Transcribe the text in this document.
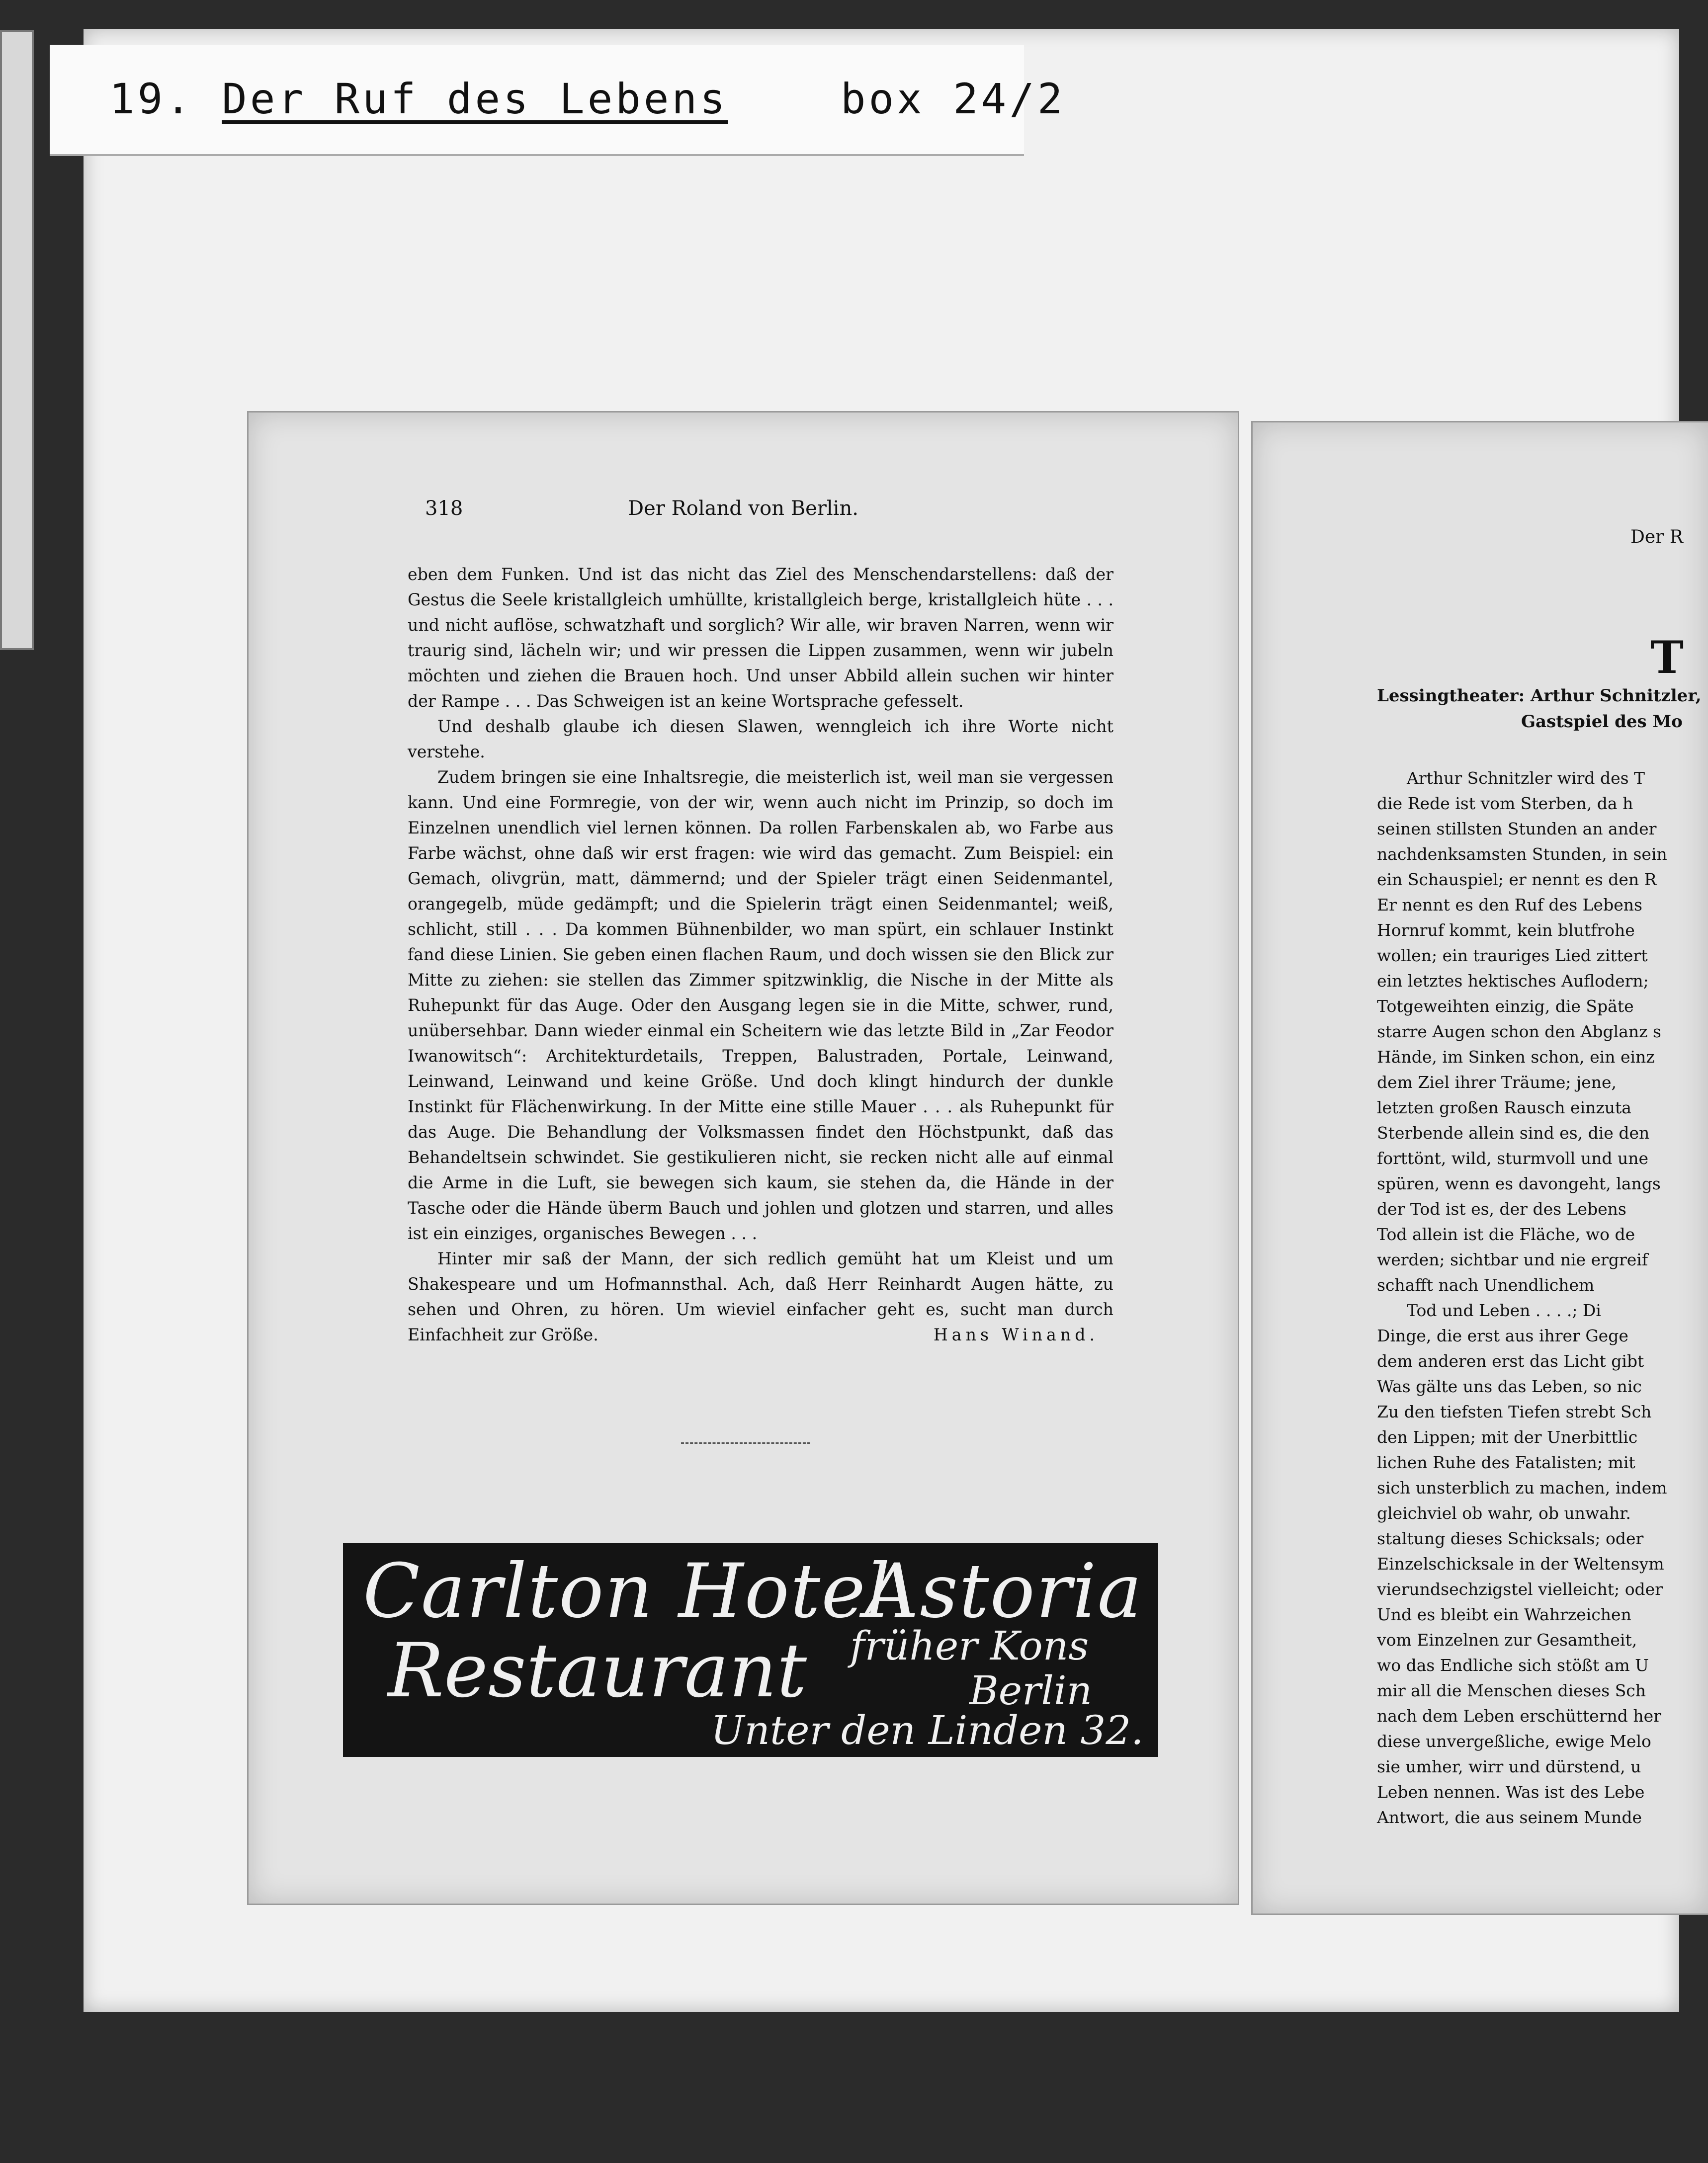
19. Der Ruf des Lebens	box 24/2
318	Der Roland von Berlin.

eben dem Funken. Und ist das nicht das Ziel des Menschendarstellens: daß der Gestus die Seele kristallgleich umhüllte, kristallgleich berge, kristallgleich hüte . . . und nicht auflöse, schwatzhaft und sorglich? Wir alle, wir braven Narren, wenn wir traurig sind, lächeln wir; und wir pressen die Lippen zusammen, wenn wir jubeln möchten und ziehen die Brauen hoch. Und unser Abbild allein suchen wir hinter der Rampe . . . Das Schweigen ist an keine Wortsprache gefesselt.

Und deshalb glaube ich diesen Slawen, wennglеich ich ihre Worte nicht verstehe.

Zudem bringen sie eine Inhaltsregie, die meisterlich ist, weil man sie vergessen kann. Und eine Formregie, von der wir, wenn auch nicht im Prinzip, so doch im Einzelnen unendlich viel lernen können. Da rollen Farbenskalen ab, wo Farbe aus Farbe wächst, ohne daß wir erst fragen: wie wird das gemacht. Zum Beispiel: ein Gemach, olivgrün, matt, dämmernd; und der Spieler trägt einen Seidenmantel, orangegelb, müde gedämpft; und die Spielerin trägt einen Seidenmantel; weiß, schlicht, still . . . Da kommen Bühnenbilder, wo man spürt, ein schlauer Instinkt fand diese Linien. Sie geben einen flachen Raum, und doch wissen sie den Blick zur Mitte zu ziehen: sie stellen das Zimmer spitzwinklig, die Nische in der Mitte als Ruhepunkt für das Auge. Oder den Ausgang legen sie in die Mitte, schwer, rund, unübersehbar. Dann wieder einmal ein Scheitern wie das letzte Bild in „Zar Feodor Iwanowitsch“: Architekturdetails, Treppen, Balustraden, Portale, Leinwand, Leinwand, Leinwand und keine Größe. Und doch klingt hindurch der dunkle Instinkt für Flächenwirkung. In der Mitte eine stille Mauer . . . als Ruhepunkt für das Auge. Die Behandlung der Volksmassen findet den Höchstpunkt, daß das Behandeltsein schwindet. Sie gestikulieren nicht, sie recken nicht alle auf einmal die Arme in die Luft, sie bewegen sich kaum, sie stehen da, die Hände in der Tasche oder die Hände überm Bauch und johlen und glotzen und starren, und alles ist ein einziges, organisches Bewegen . . .

Hinter mir saß der Mann, der sich redlich gemüht hat um Kleist und um Shakespeare und um Hofmannsthal. Ach, daß Herr Reinhardt Augen hätte, zu sehen und Ohren, zu hören. Um wieviel einfacher geht es, sucht man durch Einfachheit zur Größe.	Hans Winand.
Carlton Hotel
Restaurant
Astoria
früher Kons
Berlin
Unter den Linden 32.
Der R
T
Lessingtheater: Arthur Schnitzler,
Gastspiel des Mo
Arthur Schnitzler wird des T
die Rede ist vom Sterben, da h
seinen stillsten Stunden an ander
nachdenksamsten Stunden, in sein
ein Schauspiel; er nennt es den R
Er nennt es den Ruf des Lebens
Hornruf kommt, kein blutfrohe
wollen; ein trauriges Lied zittert
ein letztes hektisches Auflodern;
Totgeweihten einzig, die Späte
starre Augen schon den Abglanz s
Hände, im Sinken schon, ein einz
dem Ziel ihrer Träume; jene,
letzten großen Rausch einzuta
Sterbende allein sind es, die den
forttönt, wild, sturmvoll und une
spüren, wenn es davongeht, langs
der Tod ist es, der des Lebens
Tod allein ist die Fläche, wo de
werden; sichtbar und nie ergreif
schafft nach Unendlichem
Tod und Leben . . . .; Di
Dinge, die erst aus ihrer Gege
dem anderen erst das Licht gibt
Was gälte uns das Leben, so nic
Zu den tiefsten Tiefen strebt Sch
den Lippen; mit der Unerbittlic
lichen Ruhe des Fatalisten; mit
sich unsterblich zu machen, indem
gleichviel ob wahr, ob unwahr.
staltung dieses Schicksals; oder
Einzelschicksale in der Weltensym
vierundsechzigstel vielleicht; oder
Und es bleibt ein Wahrzeichen
vom Einzelnen zur Gesamtheit,
wo das Endliche sich stößt am U
mir all die Menschen dieses Sch
nach dem Leben erschütternd her
diese unvergeßliche, ewige Melo
sie umher, wirr und dürstend, u
Leben nennen. Was ist des Lebe
Antwort, die aus seinem Munde
